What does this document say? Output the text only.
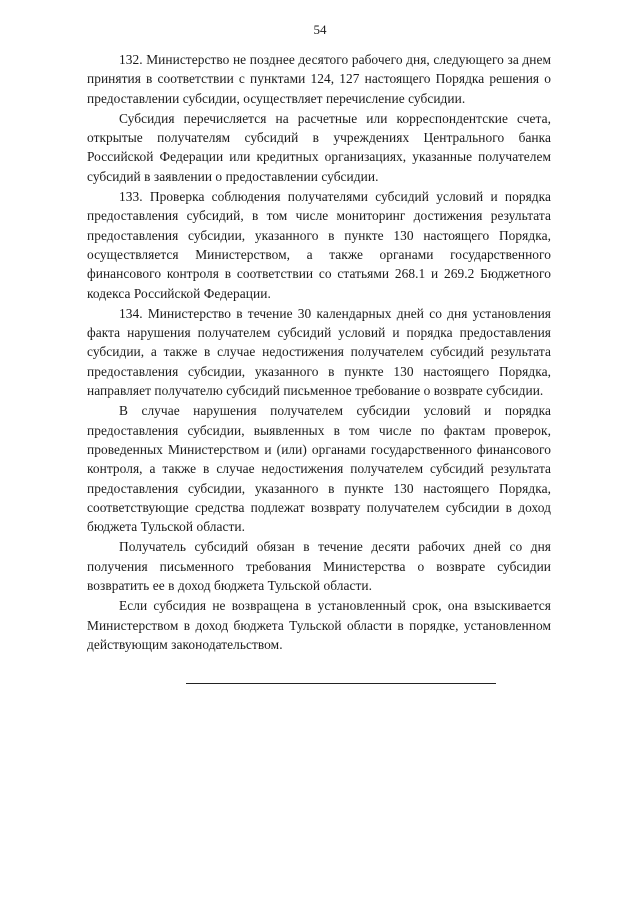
54

132. Министерство не позднее десятого рабочего дня, следующего за днем принятия в соответствии с пунктами 124, 127 настоящего Порядка решения о предоставлении субсидии, осуществляет перечисление субсидии.

Субсидия перечисляется на расчетные или корреспондентские счета, открытые получателям субсидий в учреждениях Центрального банка Российской Федерации или кредитных организациях, указанные получателем субсидий в заявлении о предоставлении субсидии.

133. Проверка соблюдения получателями субсидий условий и порядка предоставления субсидий, в том числе мониторинг достижения результата предоставления субсидии, указанного в пункте 130 настоящего Порядка, осуществляется Министерством, а также органами государственного финансового контроля в соответствии со статьями 268.1 и 269.2 Бюджетного кодекса Российской Федерации.

134. Министерство в течение 30 календарных дней со дня установления факта нарушения получателем субсидий условий и порядка предоставления субсидии, а также в случае недостижения получателем субсидий результата предоставления субсидии, указанного в пункте 130 настоящего Порядка, направляет получателю субсидий письменное требование о возврате субсидии.

В случае нарушения получателем субсидии условий и порядка предоставления субсидии, выявленных в том числе по фактам проверок, проведенных Министерством и (или) органами государственного финансового контроля, а также в случае недостижения получателем субсидий результата предоставления субсидии, указанного в пункте 130 настоящего Порядка, соответствующие средства подлежат возврату получателем субсидии в доход бюджета Тульской области.

Получатель субсидий обязан в течение десяти рабочих дней со дня получения письменного требования Министерства о возврате субсидии возвратить ее в доход бюджета Тульской области.

Если субсидия не возвращена в установленный срок, она взыскивается Министерством в доход бюджета Тульской области в порядке, установленном действующим законодательством.
